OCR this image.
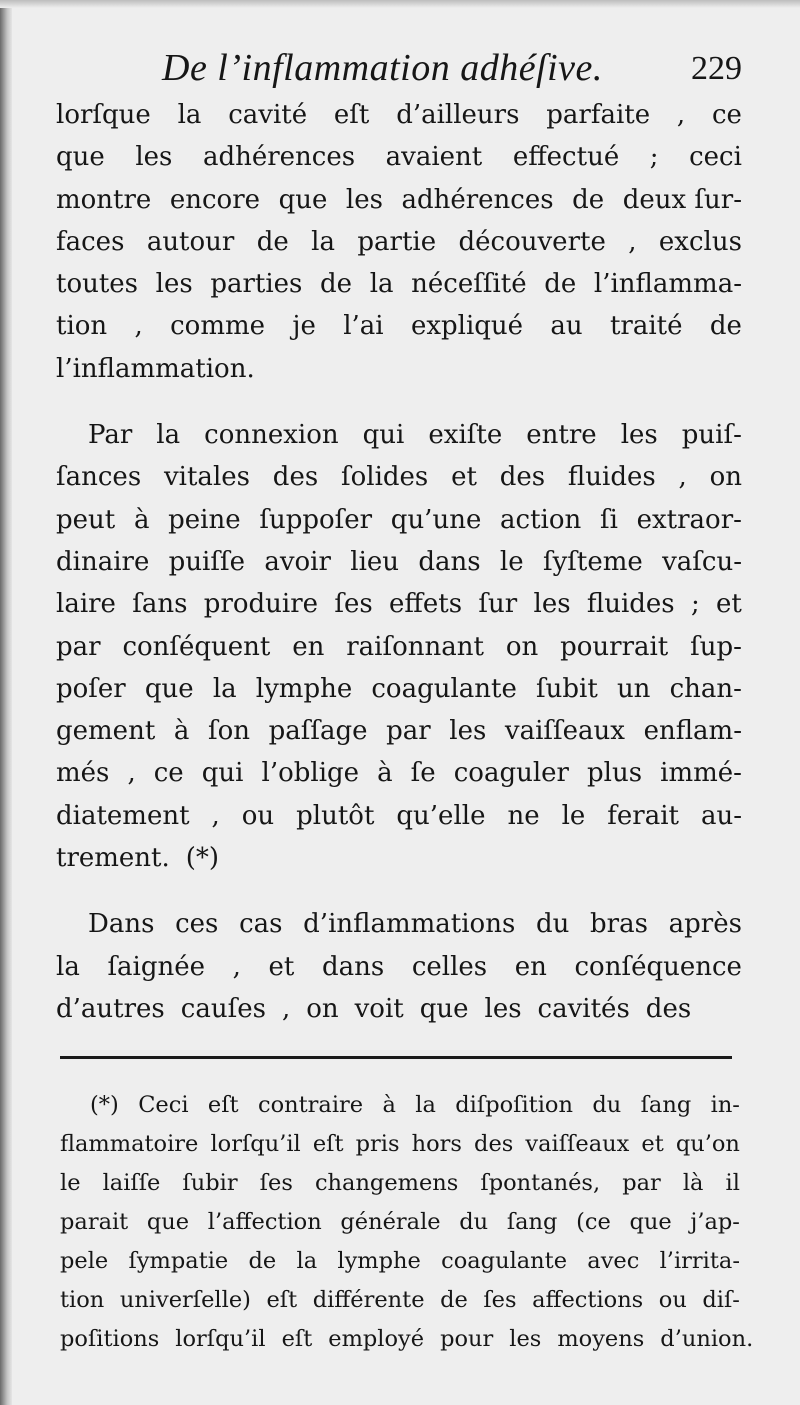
De l’inflammation adhéſive.	229
lorſque la cavité eſt d’ailleurs parfaite , ce
que les adhérences avaient effectué ; ceci
montre encore que les adhérences de deux ſur-
faces autour de la partie découverte , exclus
toutes les parties de la néceſſité de l’inflamma-
tion , comme je l’ai expliqué au traité de
l’inflammation.
Par la connexion qui exiſte entre les puiſ-
ſances vitales des ſolides et des fluides , on
peut à peine ſuppoſer qu’une action ſi extraor-
dinaire puiſſe avoir lieu dans le ſyſteme vaſcu-
laire ſans produire ſes effets ſur les fluides ; et
par conſéquent en raiſonnant on pourrait ſup-
poſer que la lymphe coagulante ſubit un chan-
gement à ſon paſſage par les vaiſſeaux enflam-
més , ce qui l’oblige à ſe coaguler plus immé-
diatement , ou plutôt qu’elle ne le ferait au-
trement. (*)
Dans ces cas d’inflammations du bras après
la ſaignée , et dans celles en conſéquence
d’autres cauſes , on voit que les cavités des
(*) Ceci eſt contraire à la diſpoſition du ſang in-
flammatoire lorſqu’il eſt pris hors des vaiſſeaux et qu’on
le laiſſe ſubir ſes changemens ſpontanés, par là il
parait que l’affection générale du ſang (ce que j’ap-
pele ſympatie de la lymphe coagulante avec l’irrita-
tion univerſelle) eſt différente de ſes affections ou diſ-
poſitions lorſqu’il eſt employé pour les moyens d’union.
